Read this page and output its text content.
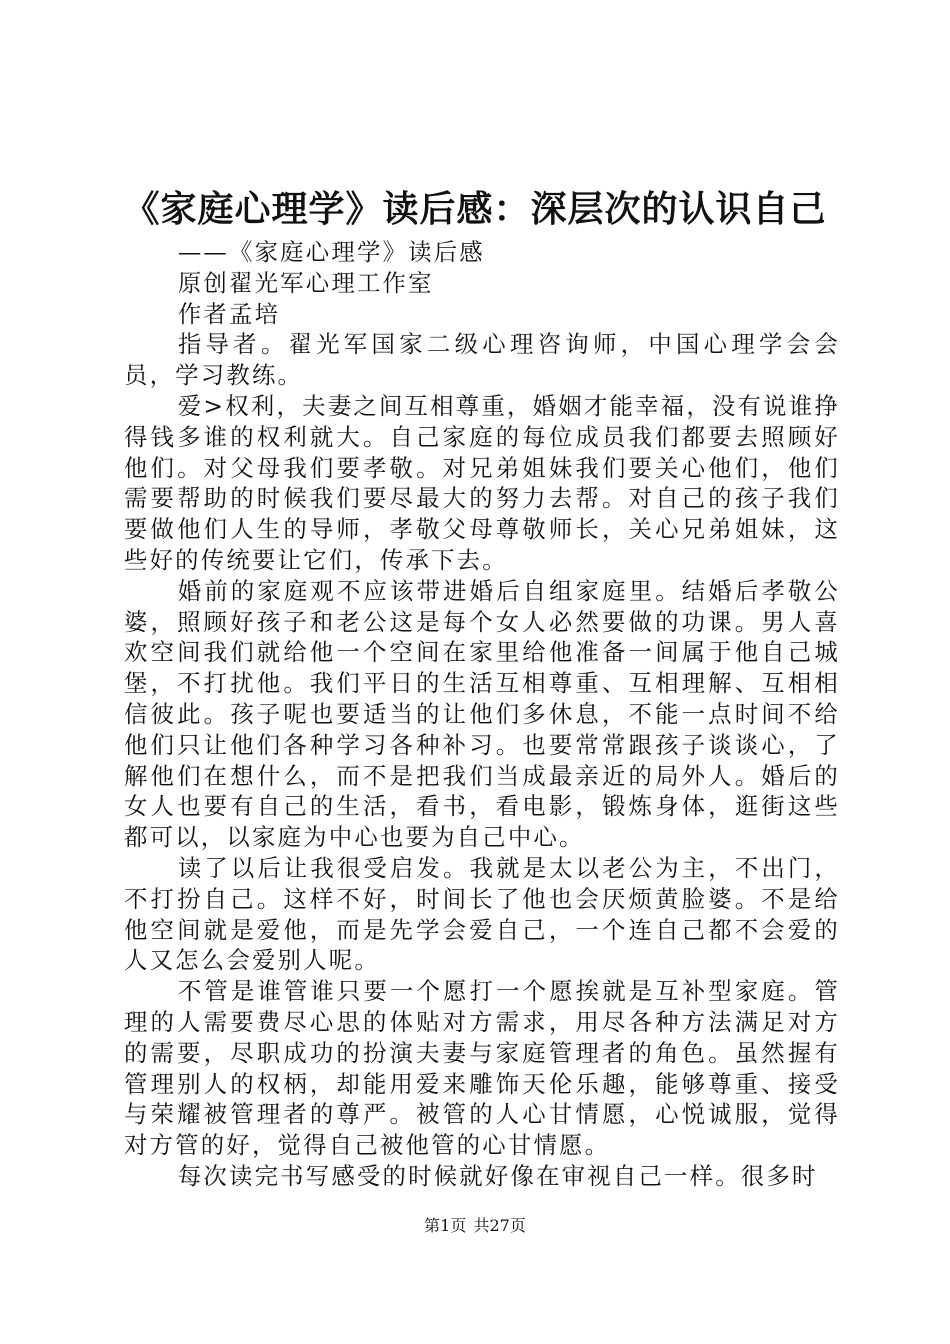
《家庭心理学》读后感：深层次的认识自己

——《家庭心理学》读后感

原创翟光军心理工作室

作者孟培

指导者。翟光军国家二级心理咨询师，中国心理学会会员，学习教练。

爱>权利，夫妻之间互相尊重，婚姻才能幸福，没有说谁挣得钱多谁的权利就大。自己家庭的每位成员我们都要去照顾好他们。对父母我们要孝敬。对兄弟姐妹我们要关心他们，他们需要帮助的时候我们要尽最大的努力去帮。对自己的孩子我们要做他们人生的导师，孝敬父母尊敬师长，关心兄弟姐妹，这些好的传统要让它们，传承下去。

婚前的家庭观不应该带进婚后自组家庭里。结婚后孝敬公婆，照顾好孩子和老公这是每个女人必然要做的功课。男人喜欢空间我们就给他一个空间在家里给他准备一间属于他自己城堡，不打扰他。我们平日的生活互相尊重、互相理解、互相相信彼此。孩子呢也要适当的让他们多休息，不能一点时间不给他们只让他们各种学习各种补习。也要常常跟孩子谈谈心，了解他们在想什么，而不是把我们当成最亲近的局外人。婚后的女人也要有自己的生活，看书，看电影，锻炼身体，逛街这些都可以，以家庭为中心也要为自己中心。

读了以后让我很受启发。我就是太以老公为主，不出门，不打扮自己。这样不好，时间长了他也会厌烦黄脸婆。不是给他空间就是爱他，而是先学会爱自己，一个连自己都不会爱的人又怎么会爱别人呢。

不管是谁管谁只要一个愿打一个愿挨就是互补型家庭。管理的人需要费尽心思的体贴对方需求，用尽各种方法满足对方的需要，尽职成功的扮演夫妻与家庭管理者的角色。虽然握有管理别人的权柄，却能用爱来雕饰天伦乐趣，能够尊重、接受与荣耀被管理者的尊严。被管的人心甘情愿，心悦诚服，觉得对方管的好，觉得自己被他管的心甘情愿。

每次读完书写感受的时候就好像在审视自己一样。很多时

第1页 共27页
